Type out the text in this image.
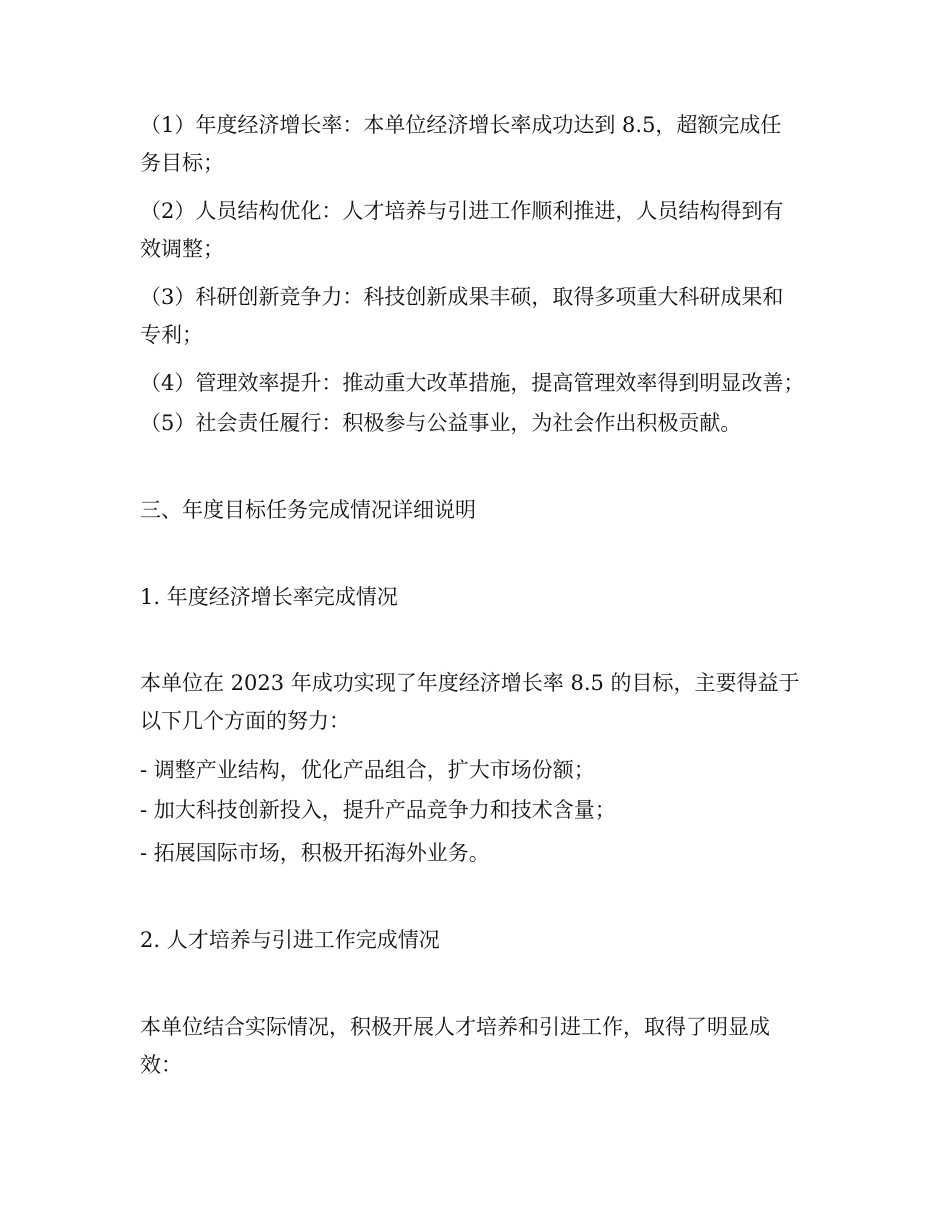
（1）年度经济增长率：本单位经济增长率成功达到 8.5，超额完成任
务目标；
（2）人员结构优化：人才培养与引进工作顺利推进，人员结构得到有
效调整；
（3）科研创新竞争力：科技创新成果丰硕，取得多项重大科研成果和
专利；
（4）管理效率提升：推动重大改革措施，提高管理效率得到明显改善；
（5）社会责任履行：积极参与公益事业，为社会作出积极贡献。
三、年度目标任务完成情况详细说明
1. 年度经济增长率完成情况
本单位在 2023 年成功实现了年度经济增长率 8.5 的目标，主要得益于
以下几个方面的努力：
- 调整产业结构，优化产品组合，扩大市场份额；
- 加大科技创新投入，提升产品竞争力和技术含量；
- 拓展国际市场，积极开拓海外业务。
2. 人才培养与引进工作完成情况
本单位结合实际情况，积极开展人才培养和引进工作，取得了明显成
效：
